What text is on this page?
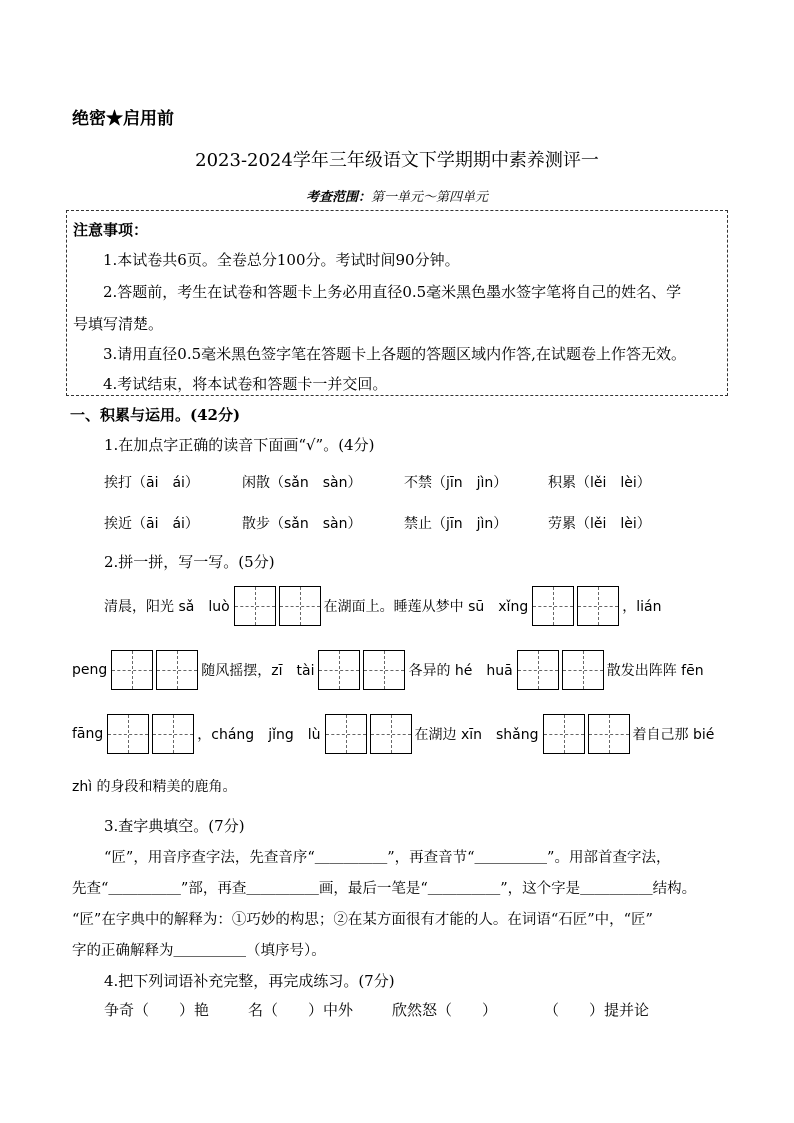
绝密★启用前
2023-2024学年三年级语文下学期期中素养测评一
考查范围：第一单元～第四单元
注意事项：
1.本试卷共6页。全卷总分100分。考试时间90分钟。
2.答题前，考生在试卷和答题卡上务必用直径0.5毫米黑色墨水签字笔将自己的姓名、学
号填写清楚。
3.请用直径0.5毫米黑色签字笔在答题卡上各题的答题区域内作答,在试题卷上作答无效。
4.考试结束，将本试卷和答题卡一并交回。
一、积累与运用。(42分)
1.在加点字正确的读音下面画“√”。(4分)
挨打（āi　ái）	闲散（sǎn　sàn）	不禁（jīn　jìn）	积累（lěi　lèi）
挨近（āi　ái）	散步（sǎn　sàn）	禁止（jīn　jìn）	劳累（lěi　lèi）
2.拼一拼，写一写。(5分)
清晨，阳光 sǎ　luò	在湖面上。睡莲从梦中 sū　xǐng	，lián
peng	随风摇摆，zī　tài	各异的 hé　huā	散发出阵阵 fēn
fāng	，cháng　jǐng　lù	在湖边 xīn　shǎng	着自己那 bié
zhì 的身段和精美的鹿角。
3.查字典填空。(7分)
“匠”，用音序查字法，先查音序“＿＿＿＿＿”，再查音节“＿＿＿＿＿”。用部首查字法，
先查“＿＿＿＿＿”部，再查＿＿＿＿＿画，最后一笔是“＿＿＿＿＿”，这个字是＿＿＿＿＿结构。
“匠”在字典中的解释为：①巧妙的构思；②在某方面很有才能的人。在词语“石匠”中，“匠”
字的正确解释为＿＿＿＿＿（填序号）。
4.把下列词语补充完整，再完成练习。(7分)
争奇（　　）艳	名（　　）中外	欣然怒（　　）	（　　）提并论
